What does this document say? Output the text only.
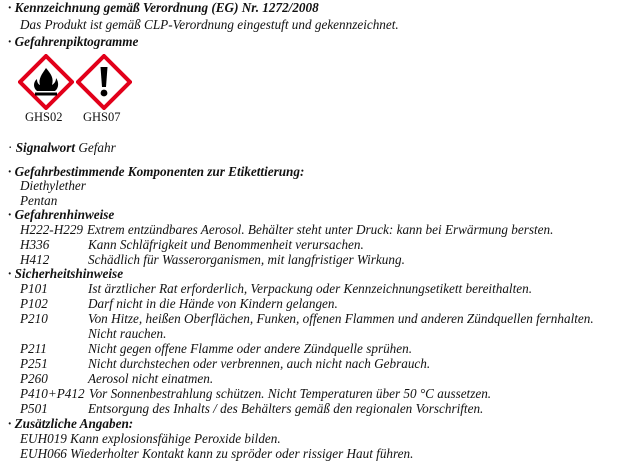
· Kennzeichnung gemäß Verordnung (EG) Nr. 1272/2008
Das Produkt ist gemäß CLP-Verordnung eingestuft und gekennzeichnet.
· Gefahrenpiktogramme
GHS02 GHS07
· Signalwort Gefahr
· Gefahrbestimmende Komponenten zur Etikettierung:
Diethylether
Pentan
· Gefahrenhinweise
H222-H229 Extrem entzündbares Aerosol. Behälter steht unter Druck: kann bei Erwärmung bersten.
H336	Kann Schläfrigkeit und Benommenheit verursachen.
H412	Schädlich für Wasserorganismen, mit langfristiger Wirkung.
· Sicherheitshinweise
P101	Ist ärztlicher Rat erforderlich, Verpackung oder Kennzeichnungsetikett bereithalten.
P102	Darf nicht in die Hände von Kindern gelangen.
P210	Von Hitze, heißen Oberflächen, Funken, offenen Flammen und anderen Zündquellen fernhalten.
Nicht rauchen.
P211	Nicht gegen offene Flamme oder andere Zündquelle sprühen.
P251	Nicht durchstechen oder verbrennen, auch nicht nach Gebrauch.
P260	Aerosol nicht einatmen.
P410+P412 Vor Sonnenbestrahlung schützen. Nicht Temperaturen über 50 °C aussetzen.
P501	Entsorgung des Inhalts / des Behälters gemäß den regionalen Vorschriften.
· Zusätzliche Angaben:
EUH019 Kann explosionsfähige Peroxide bilden.
EUH066 Wiederholter Kontakt kann zu spröder oder rissiger Haut führen.
